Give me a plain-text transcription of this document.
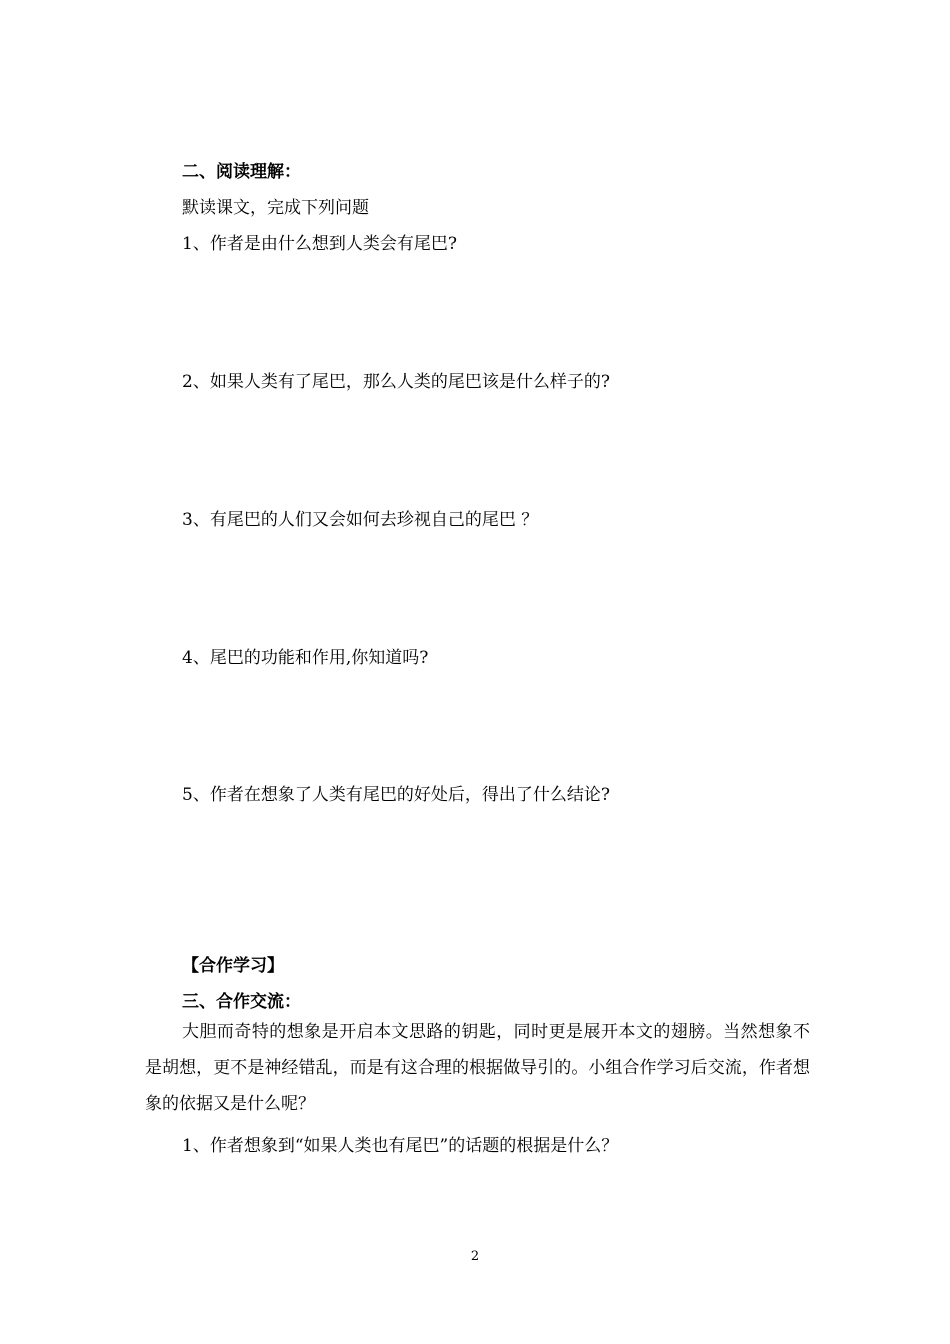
二、阅读理解：
默读课文，完成下列问题
1、作者是由什么想到人类会有尾巴?
2、如果人类有了尾巴，那么人类的尾巴该是什么样子的?
3、有尾巴的人们又会如何去珍视自己的尾巴 ？
4、尾巴的功能和作用,你知道吗?
5、作者在想象了人类有尾巴的好处后，得出了什么结论?
【合作学习】
三、合作交流：
大胆而奇特的想象是开启本文思路的钥匙，同时更是展开本文的翅膀。当然想象不是胡想，更不是神经错乱，而是有这合理的根据做导引的。小组合作学习后交流，作者想象的依据又是什么呢？
1、作者想象到“如果人类也有尾巴”的话题的根据是什么？
2
